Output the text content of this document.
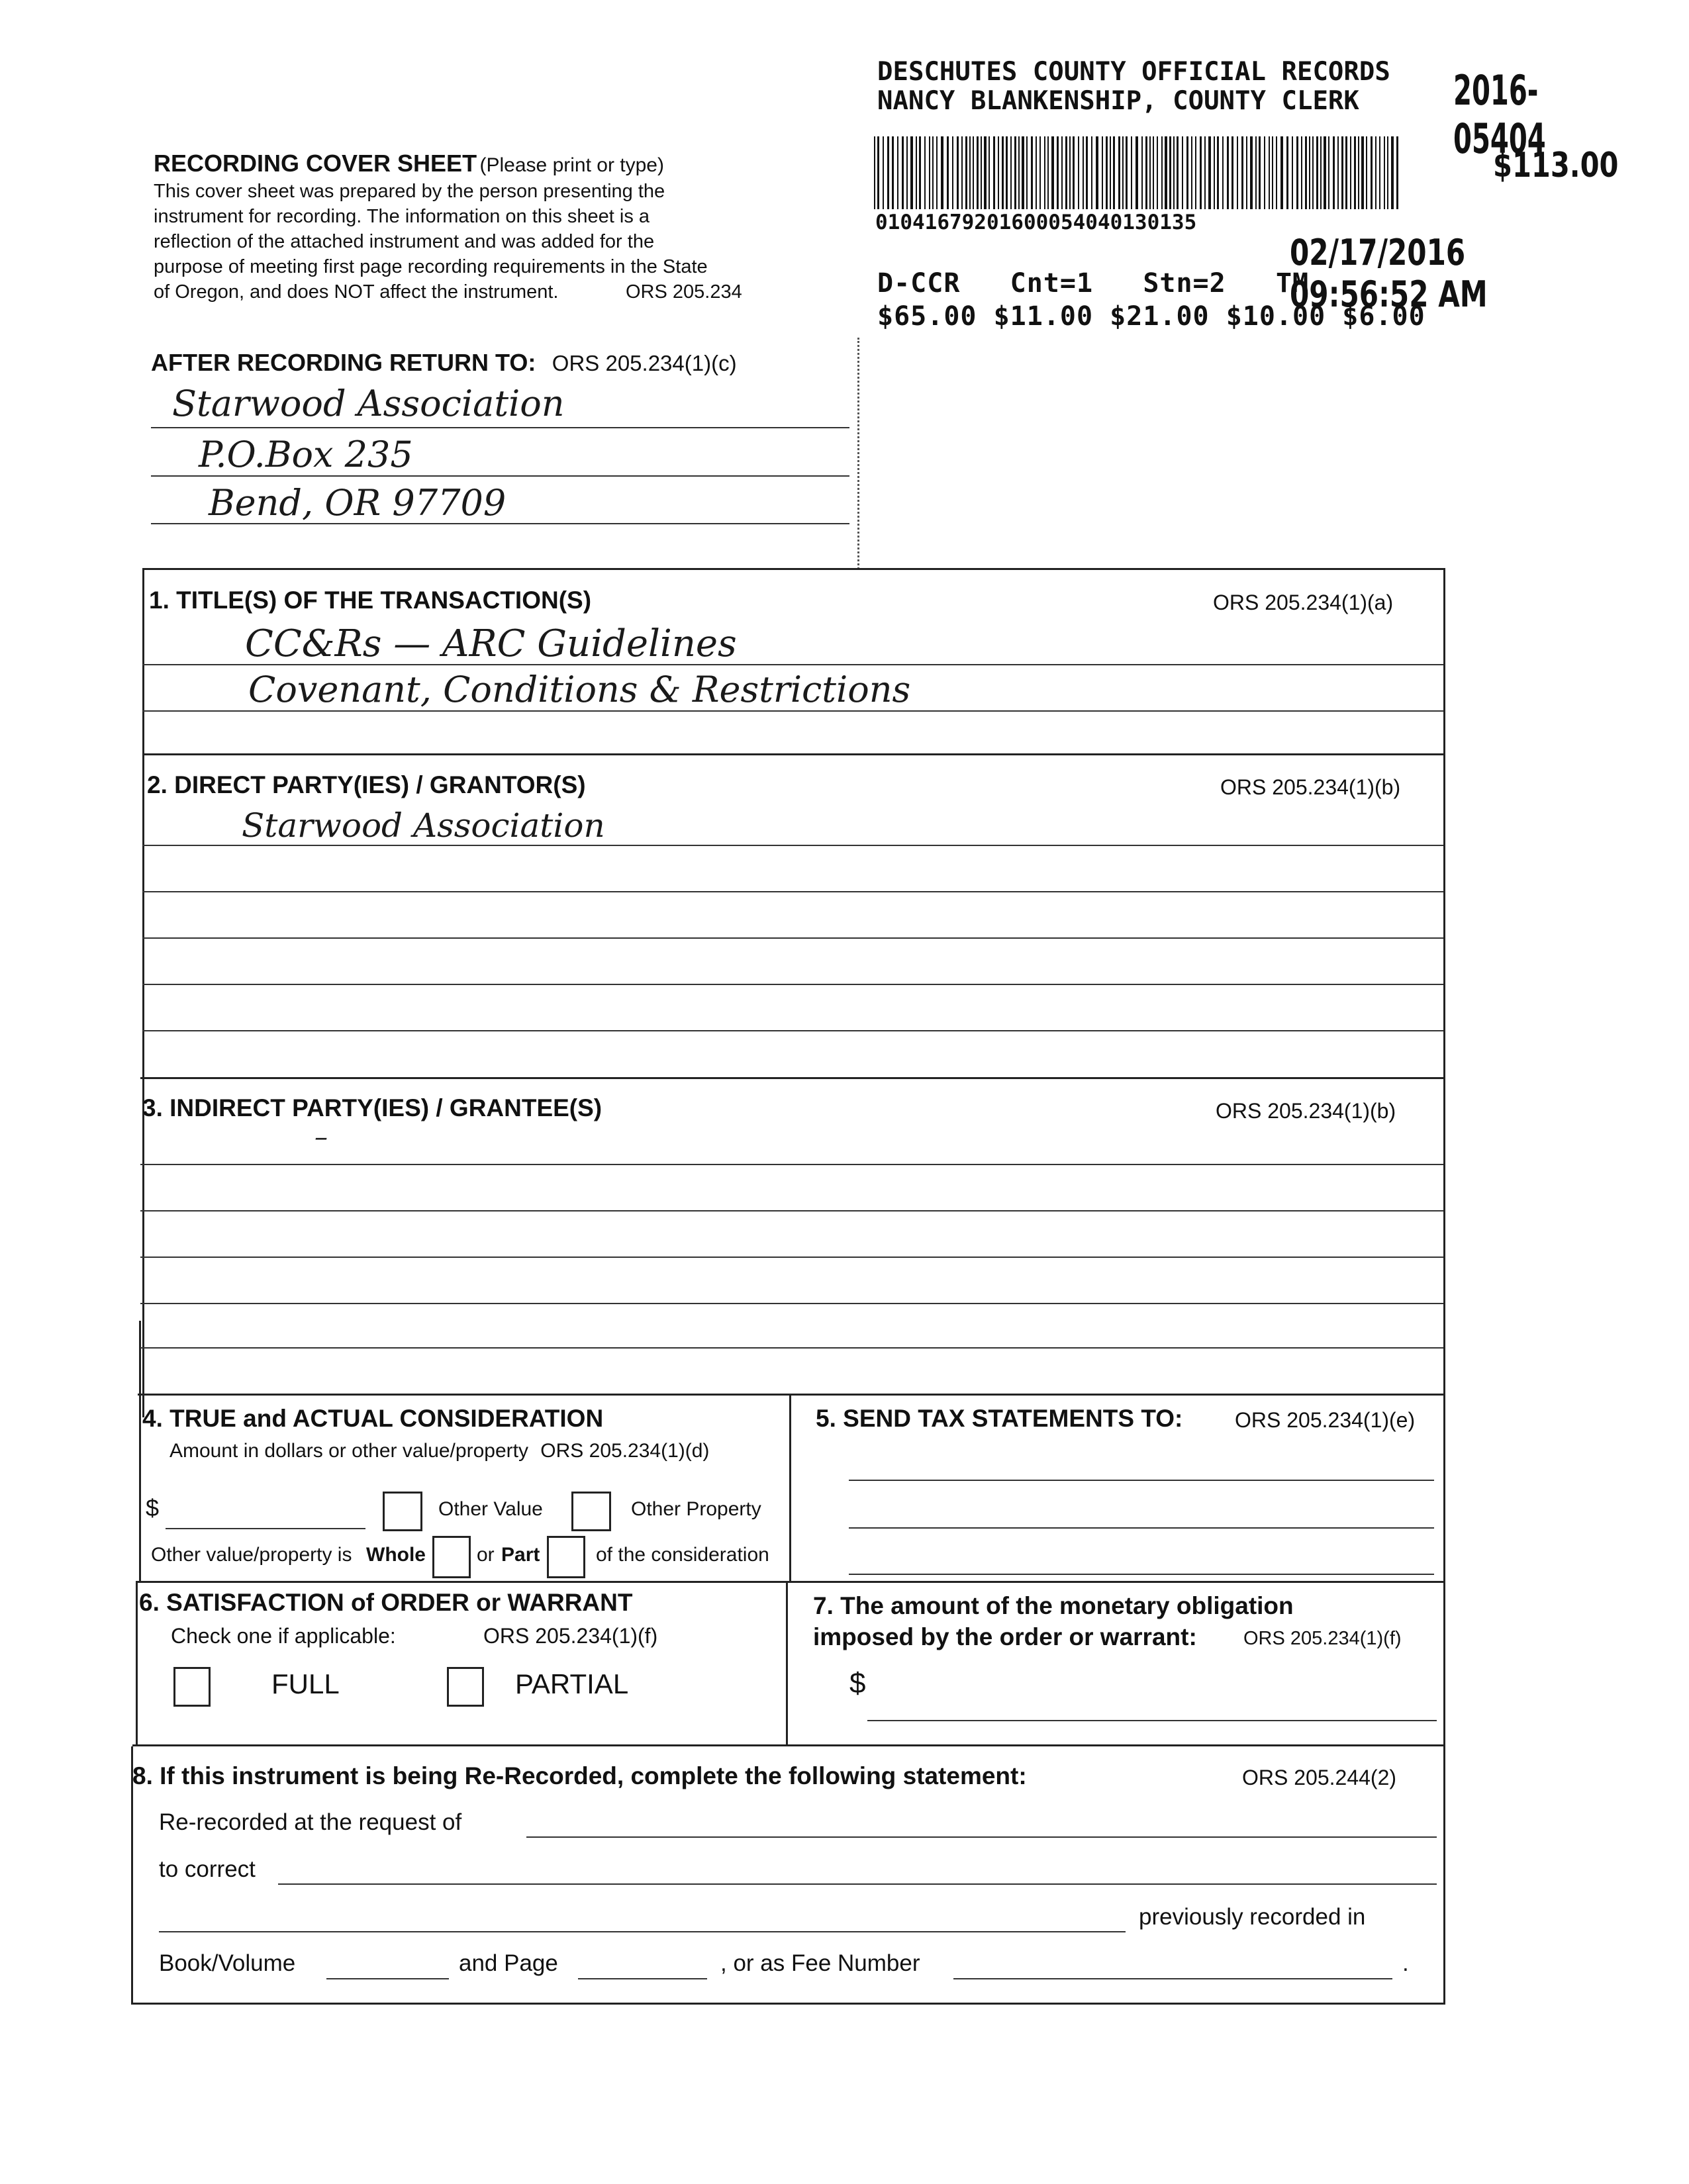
DESCHUTES COUNTY OFFICIAL RECORDS
NANCY BLANKENSHIP, COUNTY CLERK 2016-05404
$113.00
01041679201600054040130135
02/17/2016 09:56:52 AM
D-CCR   Cnt=1   Stn=2   TM
$65.00 $11.00 $21.00 $10.00 $6.00
RECORDING COVER SHEET (Please print or type)
This cover sheet was prepared by the person presenting the
instrument for recording. The information on this sheet is a
reflection of the attached instrument and was added for the
purpose of meeting first page recording requirements in the State
of Oregon, and does NOT affect the instrument.	ORS 205.234
AFTER RECORDING RETURN TO: ORS 205.234(1)(c)
Starwood Association
P.O.Box 235
Bend, OR 97709
1. TITLE(S) OF THE TRANSACTION(S)	ORS 205.234(1)(a)
CC&Rs — ARC Guidelines
Covenant, Conditions & Restrictions
2. DIRECT PARTY(IES) / GRANTOR(S)	ORS 205.234(1)(b)
Starwood Association
3. INDIRECT PARTY(IES) / GRANTEE(S)	ORS 205.234(1)(b)
–
4. TRUE and ACTUAL CONSIDERATION
Amount in dollars or other value/property ORS 205.234(1)(d)
$	Other Value	Other Property
Other value/property is Whole	or Part	of the consideration
5. SEND TAX STATEMENTS TO: ORS 205.234(1)(e)
6. SATISFACTION of ORDER or WARRANT
Check one if applicable:	ORS 205.234(1)(f)
FULL	PARTIAL
7. The amount of the monetary obligation
imposed by the order or warrant: ORS 205.234(1)(f)
$
8. If this instrument is being Re-Recorded, complete the following statement:	ORS 205.244(2)
Re-recorded at the request of
to correct
previously recorded in
Book/Volume	and Page	, or as Fee Number	.
